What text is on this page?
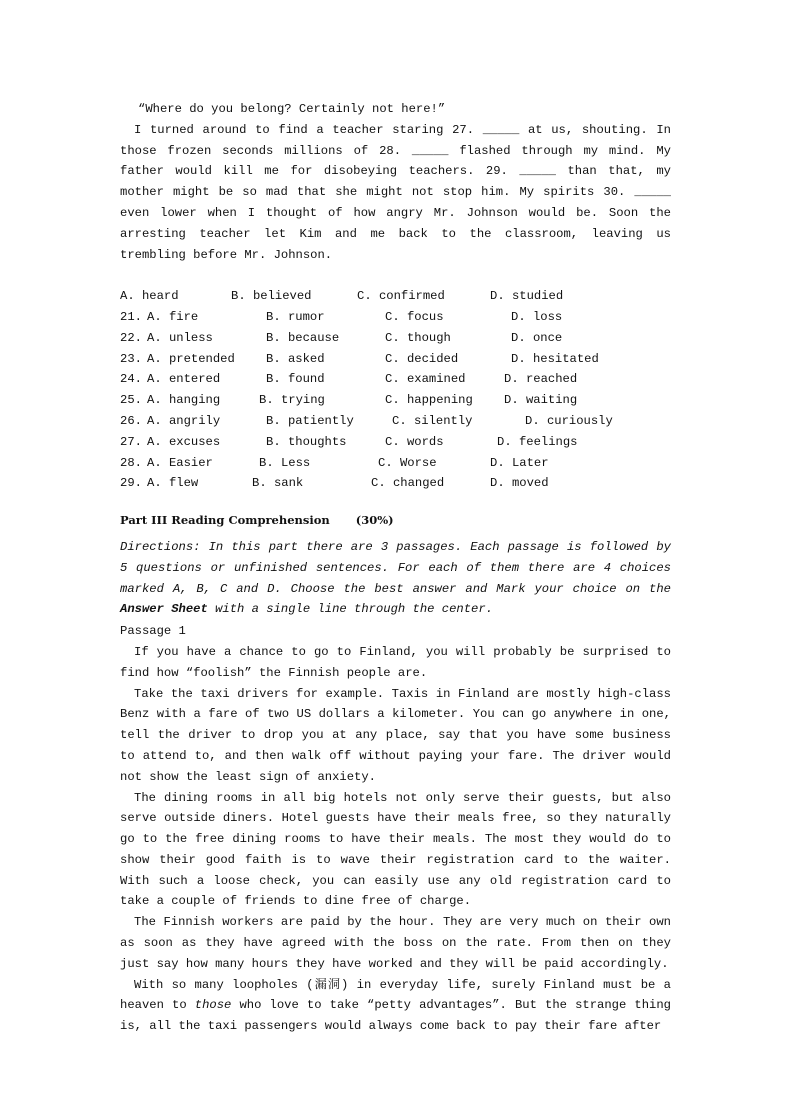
“Where do you belong? Certainly not here!”

I turned around to find a teacher staring 27. _____ at us, shouting. In those frozen seconds millions of 28. _____ flashed through my mind. My father would kill me for disobeying teachers. 29. _____ than that, my mother might be so mad that she might not stop him. My spirits 30. _____ even lower when I thought of how angry Mr. Johnson would be. Soon the arresting teacher let Kim and me back to the classroom, leaving us trembling before Mr. Johnson.

A. heard	B. believed	C. confirmed	D. studied
21. A. fire	B. rumor	C. focus	D. loss
22. A. unless	B. because	C. though	D. once
23. A. pretended	B. asked	C. decided	D. hesitated
24. A. entered	B. found	C. examined	D. reached
25. A. hanging	B. trying	C. happening	D. waiting
26. A. angrily	B. patiently	C. silently	D. curiously
27. A. excuses	B. thoughts	C. words	D. feelings
28. A. Easier	B. Less	C. Worse	D. Later
29. A. flew	B. sank	C. changed	D. moved
Part III Reading Comprehension (30%)

Directions: In this part there are 3 passages. Each passage is followed by 5 questions or unfinished sentences. For each of them there are 4 choices marked A, B, C and D. Choose the best answer and Mark your choice on the Answer Sheet with a single line through the center.

Passage 1

If you have a chance to go to Finland, you will probably be surprised to find how “foolish” the Finnish people are.

Take the taxi drivers for example. Taxis in Finland are mostly high-class Benz with a fare of two US dollars a kilometer. You can go anywhere in one, tell the driver to drop you at any place, say that you have some business to attend to, and then walk off without paying your fare. The driver would not show the least sign of anxiety.

The dining rooms in all big hotels not only serve their guests, but also serve outside diners. Hotel guests have their meals free, so they naturally go to the free dining rooms to have their meals. The most they would do to show their good faith is to wave their registration card to the waiter. With such a loose check, you can easily use any old registration card to take a couple of friends to dine free of charge.

The Finnish workers are paid by the hour. They are very much on their own as soon as they have agreed with the boss on the rate. From then on they just say how many hours they have worked and they will be paid accordingly.

With so many loopholes (漏洞) in everyday life, surely Finland must be a heaven to those who love to take “petty advantages”. But the strange thing is, all the taxi passengers would always come back to pay their fare after
